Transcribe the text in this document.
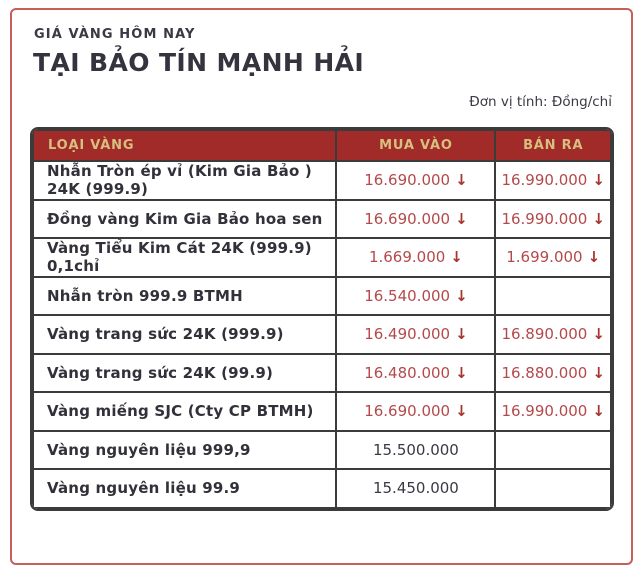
GIÁ VÀNG HÔM NAY
TẠI BẢO TÍN MẠNH HẢI
Đơn vị tính: Đồng/chỉ
LOẠI VÀNG	MUA VÀO	BÁN RA
Nhẫn Tròn ép vỉ (Kim Gia Bảo ) 24K (999.9)	16.690.000 ↓	16.990.000 ↓
Đồng vàng Kim Gia Bảo hoa sen	16.690.000 ↓	16.990.000 ↓
Vàng Tiểu Kim Cát 24K (999.9) 0,1chỉ	1.669.000 ↓	1.699.000 ↓
Nhẫn tròn 999.9 BTMH	16.540.000 ↓	
Vàng trang sức 24K (999.9)	16.490.000 ↓	16.890.000 ↓
Vàng trang sức 24K (99.9)	16.480.000 ↓	16.880.000 ↓
Vàng miếng SJC (Cty CP BTMH)	16.690.000 ↓	16.990.000 ↓
Vàng nguyên liệu 999,9	15.500.000	
Vàng nguyên liệu 99.9	15.450.000	
